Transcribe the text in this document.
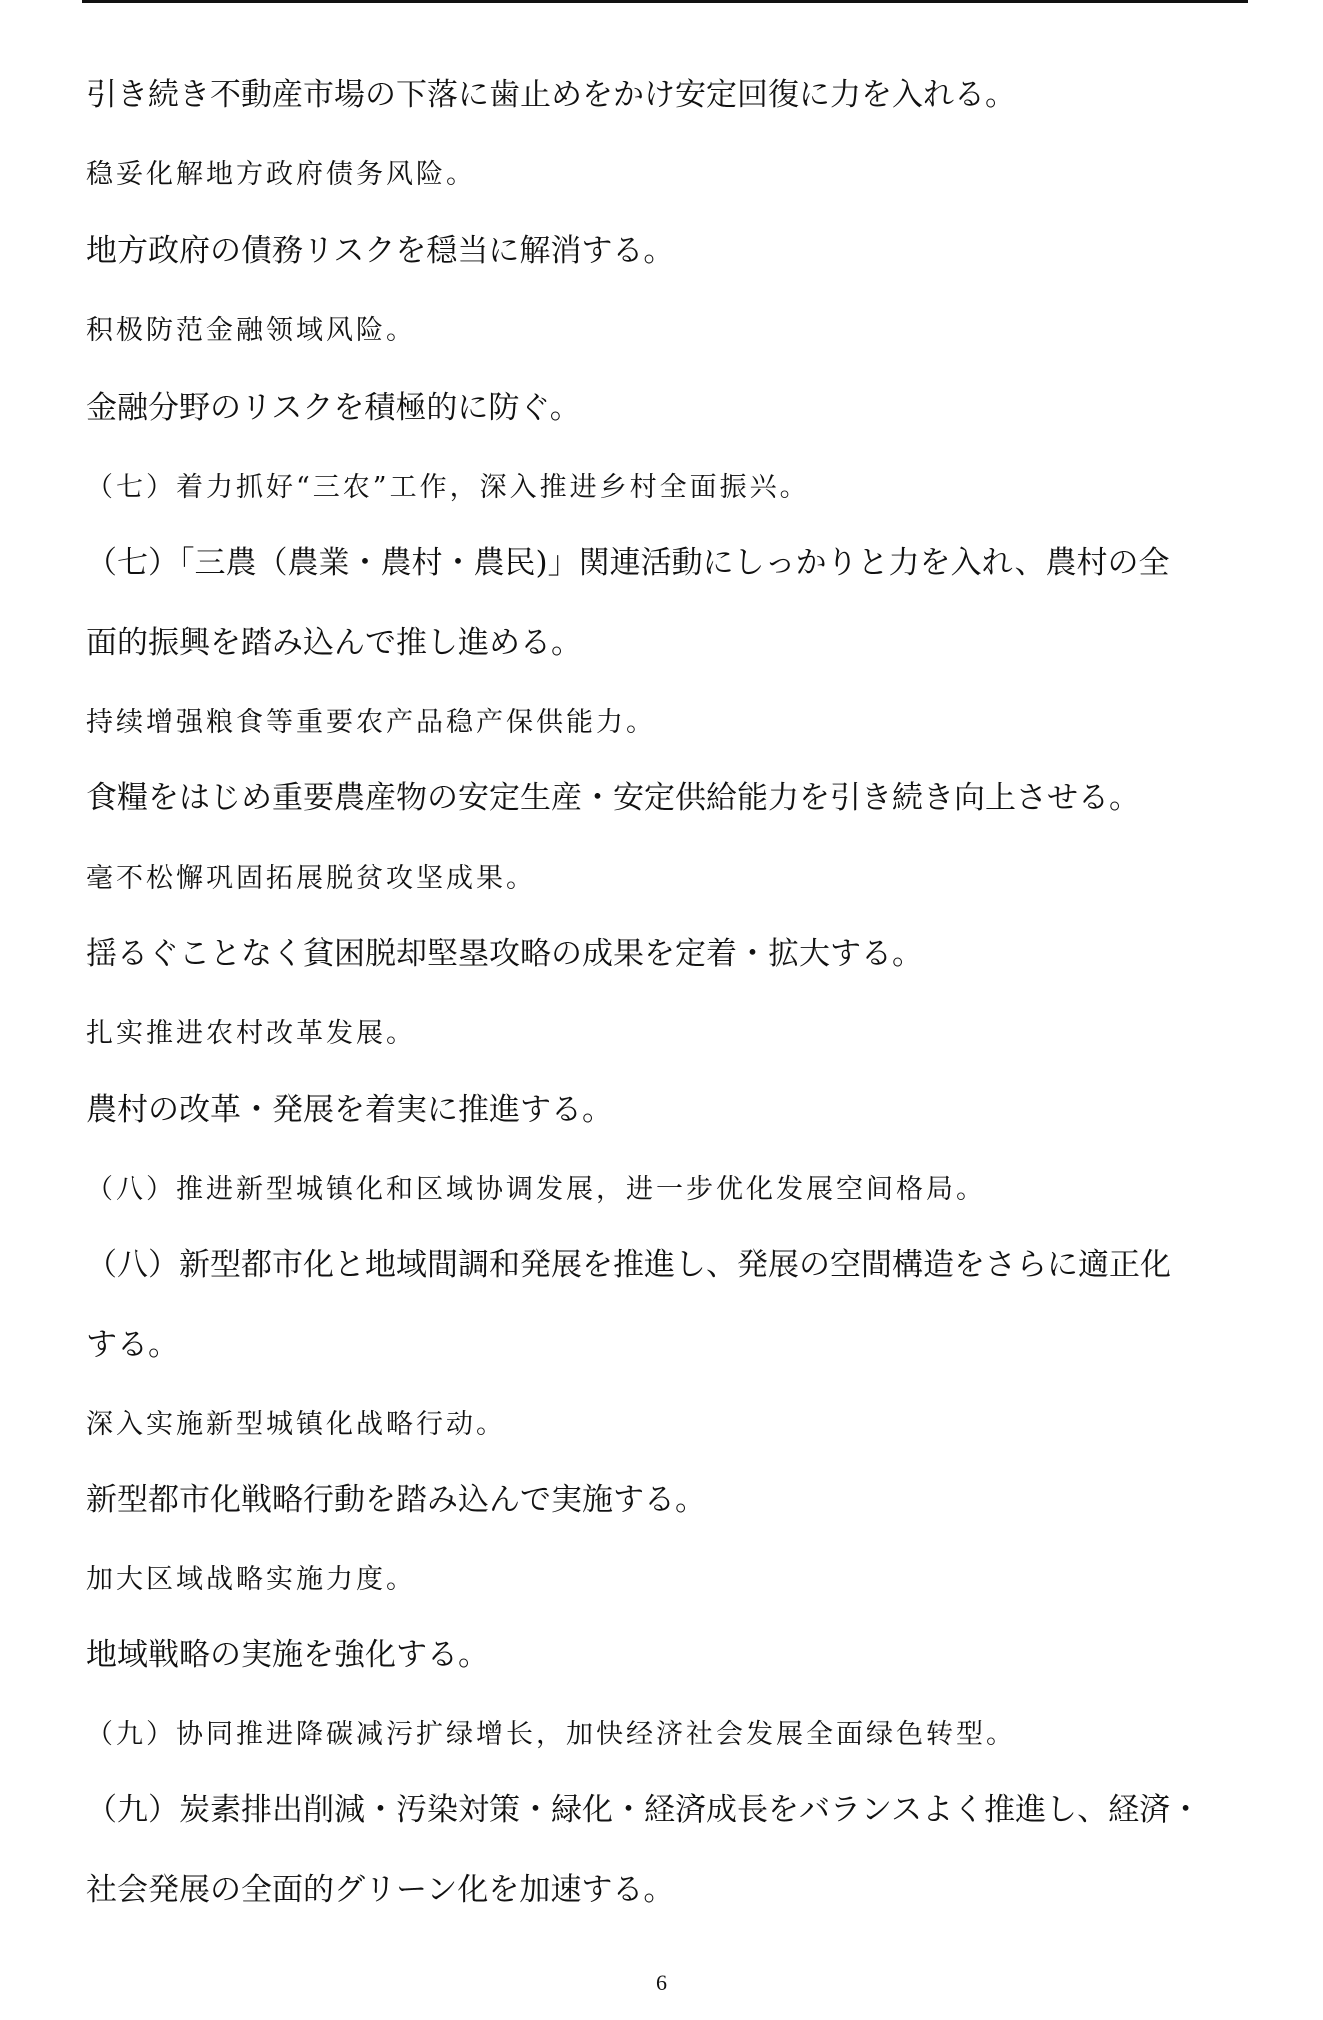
引き続き不動産市場の下落に歯止めをかけ安定回復に力を入れる。
稳妥化解地方政府债务风险。
地方政府の債務リスクを穏当に解消する。
积极防范金融领域风险。
金融分野のリスクを積極的に防ぐ。
（七）着力抓好“三农”工作，深入推进乡村全面振兴。
（七）「三農（農業・農村・農民)」関連活動にしっかりと力を入れ、農村の全
面的振興を踏み込んで推し進める。
持续增强粮食等重要农产品稳产保供能力。
食糧をはじめ重要農産物の安定生産・安定供給能力を引き続き向上させる。
毫不松懈巩固拓展脱贫攻坚成果。
揺るぐことなく貧困脱却堅塁攻略の成果を定着・拡大する。
扎实推进农村改革发展。
農村の改革・発展を着実に推進する。
（八）推进新型城镇化和区域协调发展，进一步优化发展空间格局。
（八）新型都市化と地域間調和発展を推進し、発展の空間構造をさらに適正化
する。
深入实施新型城镇化战略行动。
新型都市化戦略行動を踏み込んで実施する。
加大区域战略实施力度。
地域戦略の実施を強化する。
（九）协同推进降碳减污扩绿增长，加快经济社会发展全面绿色转型。
（九）炭素排出削減・汚染対策・緑化・経済成長をバランスよく推進し、経済・
社会発展の全面的グリーン化を加速する。
6
